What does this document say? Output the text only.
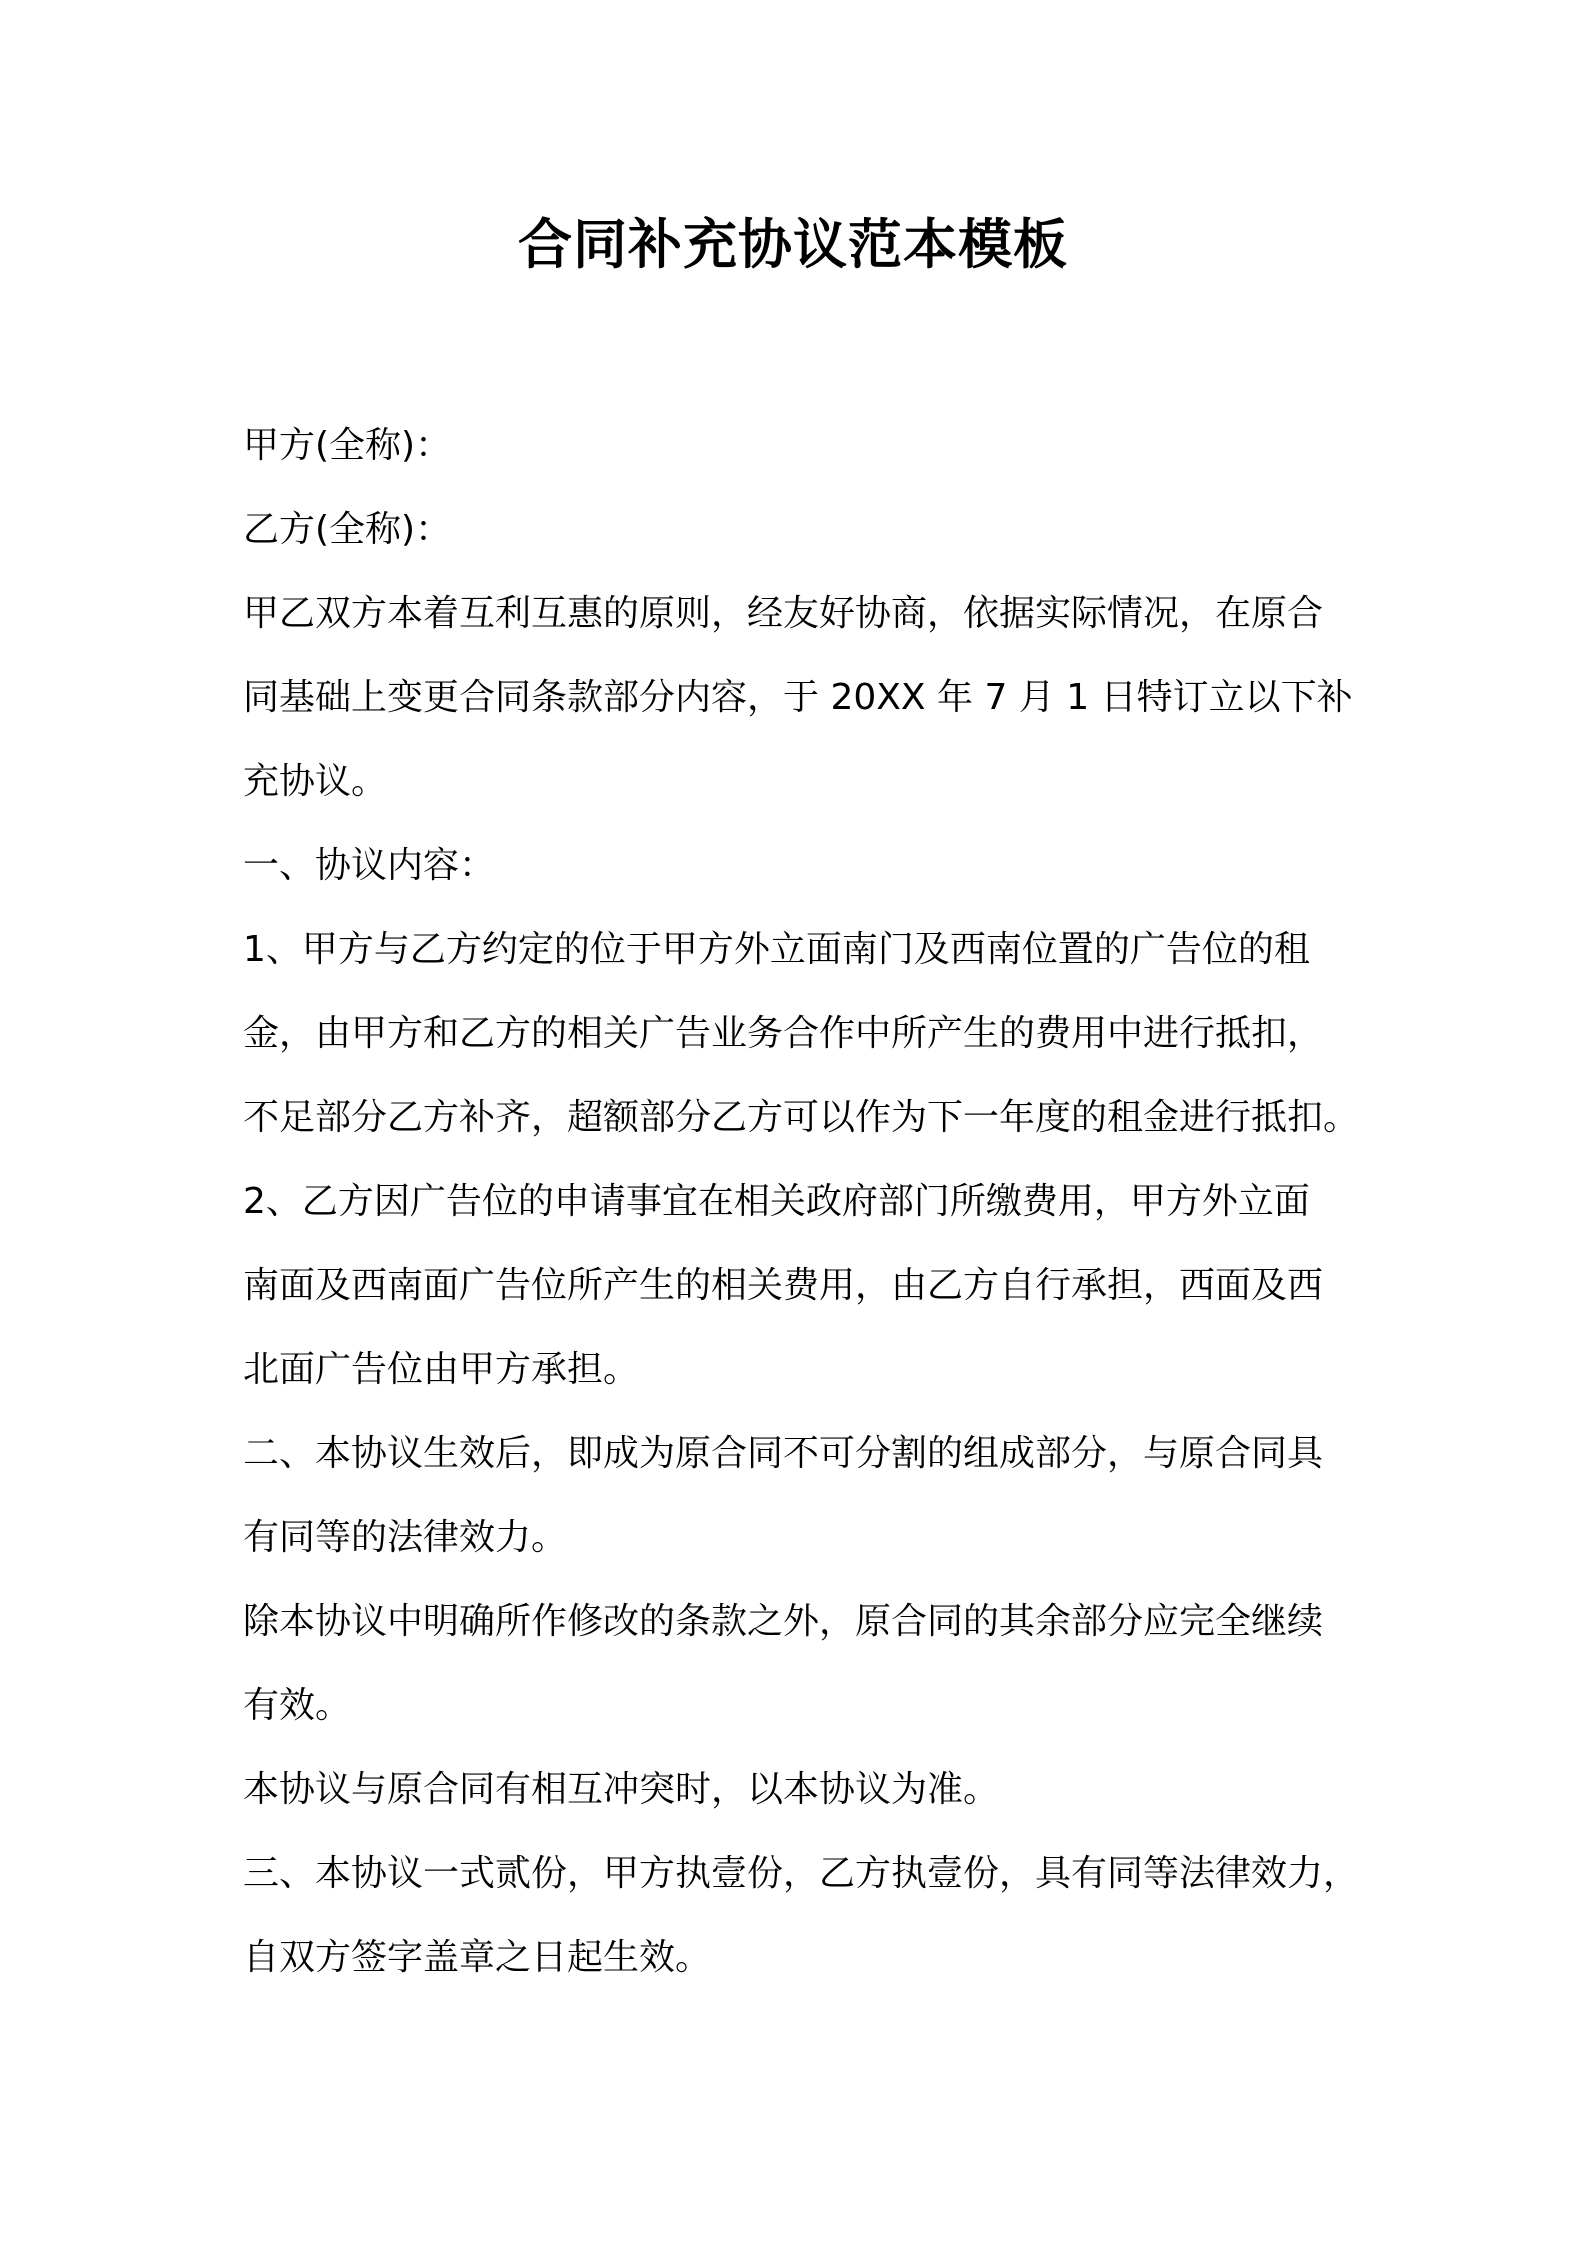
合同补充协议范本模板

甲方(全称)：

乙方(全称)：

甲乙双方本着互利互惠的原则，经友好协商，依据实际情况，在原合

同基础上变更合同条款部分内容，于 20XX 年 7 月 1 日特订立以下补

充协议。

一、协议内容：

1、甲方与乙方约定的位于甲方外立面南门及西南位置的广告位的租

金，由甲方和乙方的相关广告业务合作中所产生的费用中进行抵扣，

不足部分乙方补齐，超额部分乙方可以作为下一年度的租金进行抵扣。

2、乙方因广告位的申请事宜在相关政府部门所缴费用，甲方外立面

南面及西南面广告位所产生的相关费用，由乙方自行承担，西面及西

北面广告位由甲方承担。

二、本协议生效后，即成为原合同不可分割的组成部分，与原合同具

有同等的法律效力。

除本协议中明确所作修改的条款之外，原合同的其余部分应完全继续

有效。

本协议与原合同有相互冲突时，以本协议为准。

三、本协议一式贰份，甲方执壹份，乙方执壹份，具有同等法律效力，

自双方签字盖章之日起生效。
